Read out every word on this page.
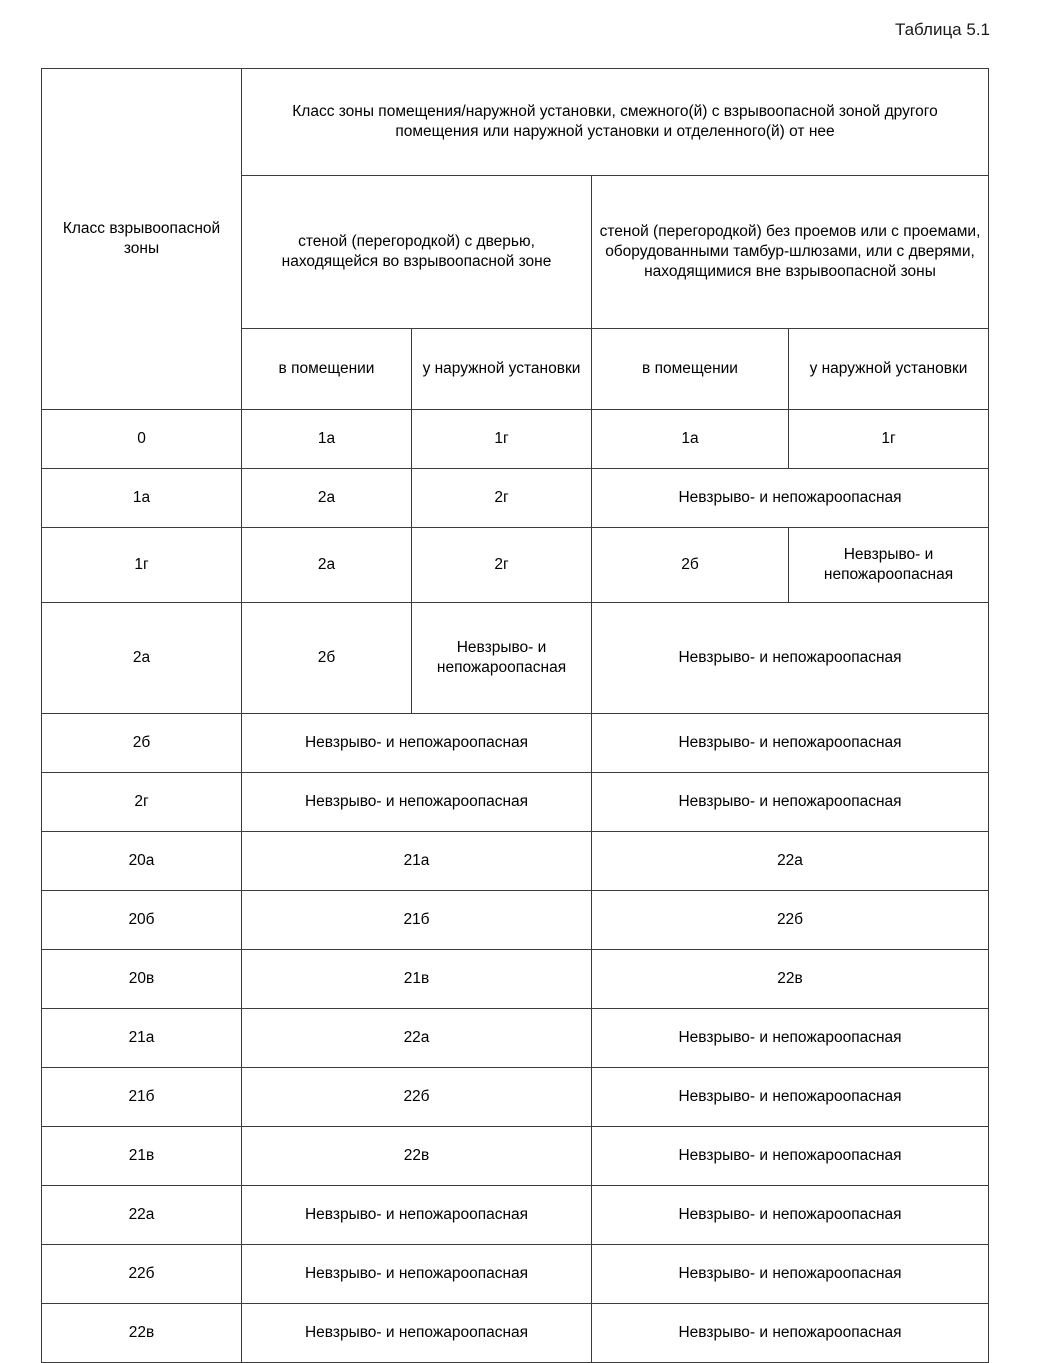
Таблица 5.1
Класс взрывоопасной зоны	Класс зоны помещения/наружной установки, смежного(й) с взрывоопасной зоной другого помещения или наружной установки и отделенного(й) от нее			
	стеной (перегородкой) с дверью, находящейся во взрывоопасной зоне		стеной (перегородкой) без проемов или с проемами, оборудованными тамбур-шлюзами, или с дверями, находящимися вне взрывоопасной зоны	
	в помещении	у наружной установки	в помещении	у наружной установки
0	1а	1г	1а	1г
1а	2а	2г	Невзрыво- и непожароопасная	
1г	2а	2г	2б	Невзрыво- и непожароопасная
2а	2б	Невзрыво- и непожароопасная	Невзрыво- и непожароопасная	
2б	Невзрыво- и непожароопасная		Невзрыво- и непожароопасная	
2г	Невзрыво- и непожароопасная		Невзрыво- и непожароопасная	
20а	21а		22а	
20б	21б		22б	
20в	21в		22в	
21а	22а		Невзрыво- и непожароопасная	
21б	22б		Невзрыво- и непожароопасная	
21в	22в		Невзрыво- и непожароопасная	
22а	Невзрыво- и непожароопасная		Невзрыво- и непожароопасная	
22б	Невзрыво- и непожароопасная		Невзрыво- и непожароопасная	
22в	Невзрыво- и непожароопасная		Невзрыво- и непожароопасная	
